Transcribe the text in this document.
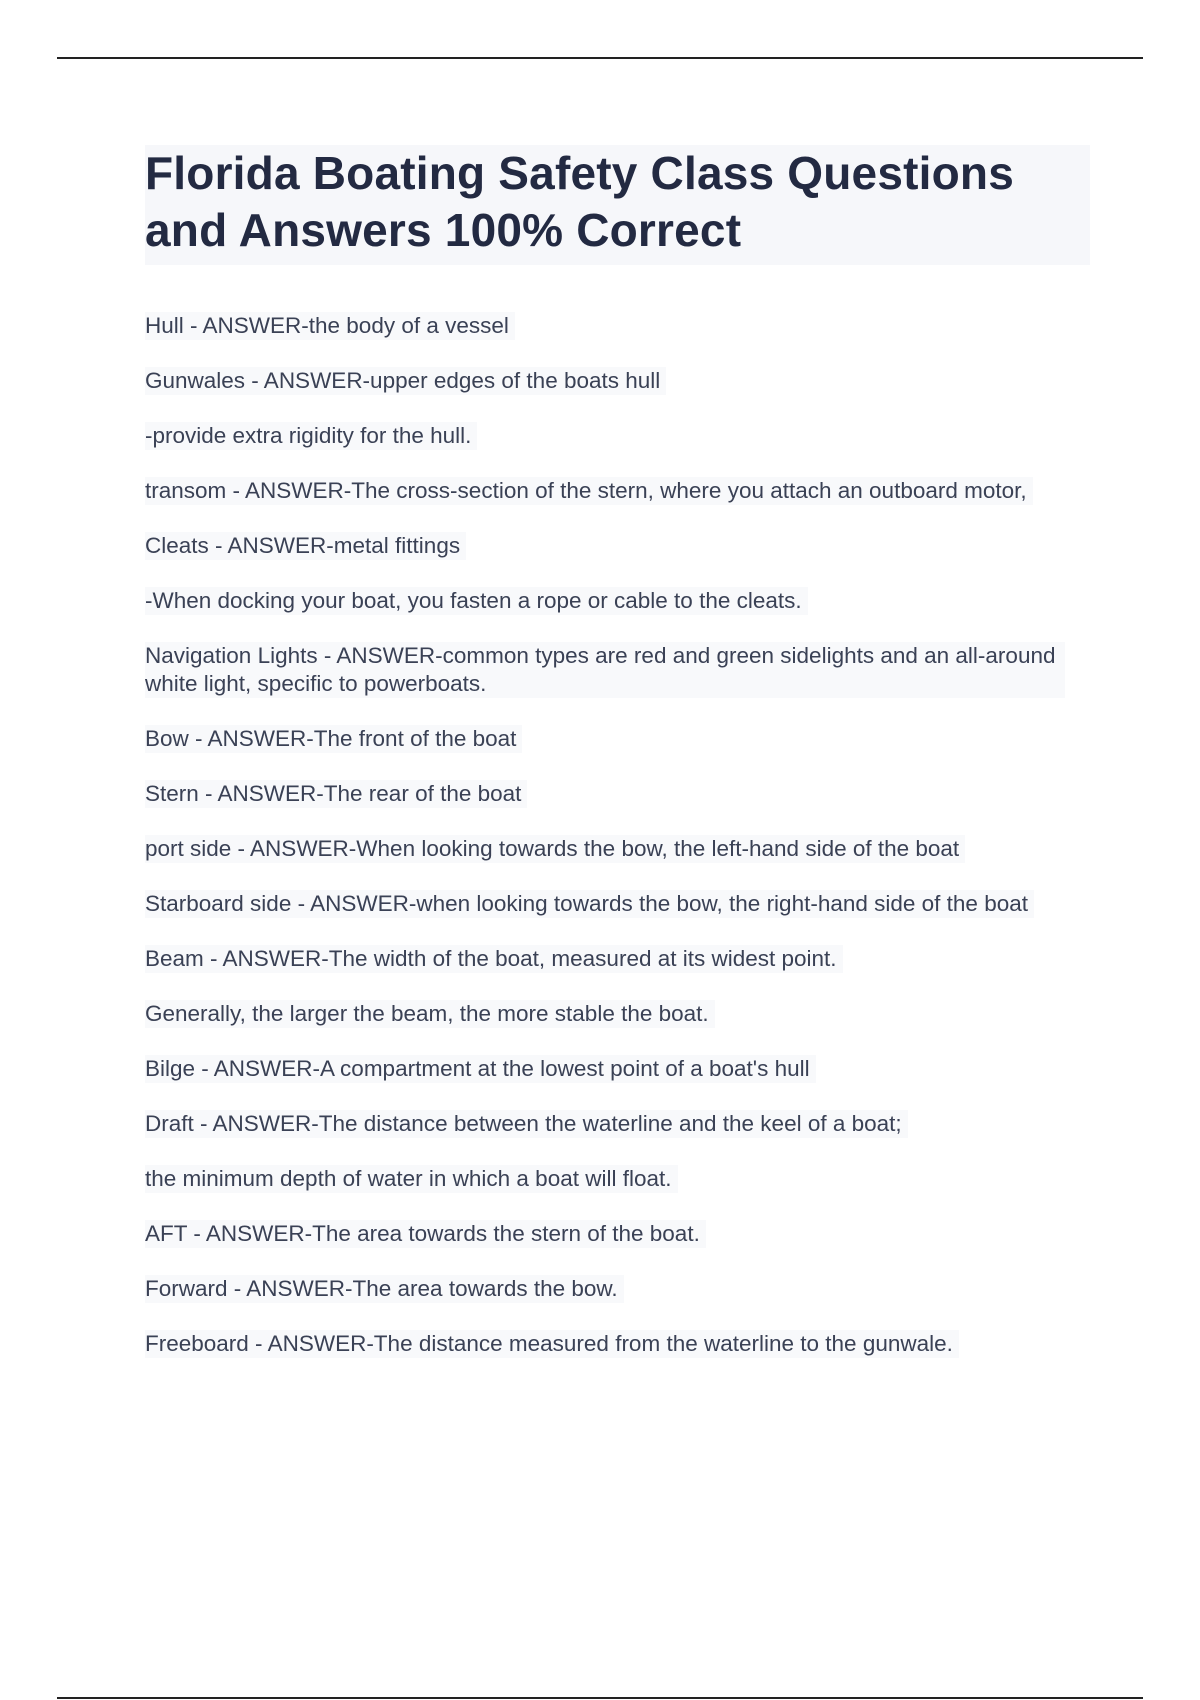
Florida Boating Safety Class Questions and Answers 100% Correct
Hull - ANSWER-the body of a vessel
Gunwales - ANSWER-upper edges of the boats hull
-provide extra rigidity for the hull.
transom - ANSWER-The cross-section of the stern, where you attach an outboard motor,
Cleats - ANSWER-metal fittings
-When docking your boat, you fasten a rope or cable to the cleats.
Navigation Lights - ANSWER-common types are red and green sidelights and an all-around white light, specific to powerboats.
Bow - ANSWER-The front of the boat
Stern - ANSWER-The rear of the boat
port side - ANSWER-When looking towards the bow, the left-hand side of the boat
Starboard side - ANSWER-when looking towards the bow, the right-hand side of the boat
Beam - ANSWER-The width of the boat, measured at its widest point.
Generally, the larger the beam, the more stable the boat.
Bilge - ANSWER-A compartment at the lowest point of a boat's hull
Draft - ANSWER-The distance between the waterline and the keel of a boat;
the minimum depth of water in which a boat will float.
AFT - ANSWER-The area towards the stern of the boat.
Forward - ANSWER-The area towards the bow.
Freeboard - ANSWER-The distance measured from the waterline to the gunwale.
